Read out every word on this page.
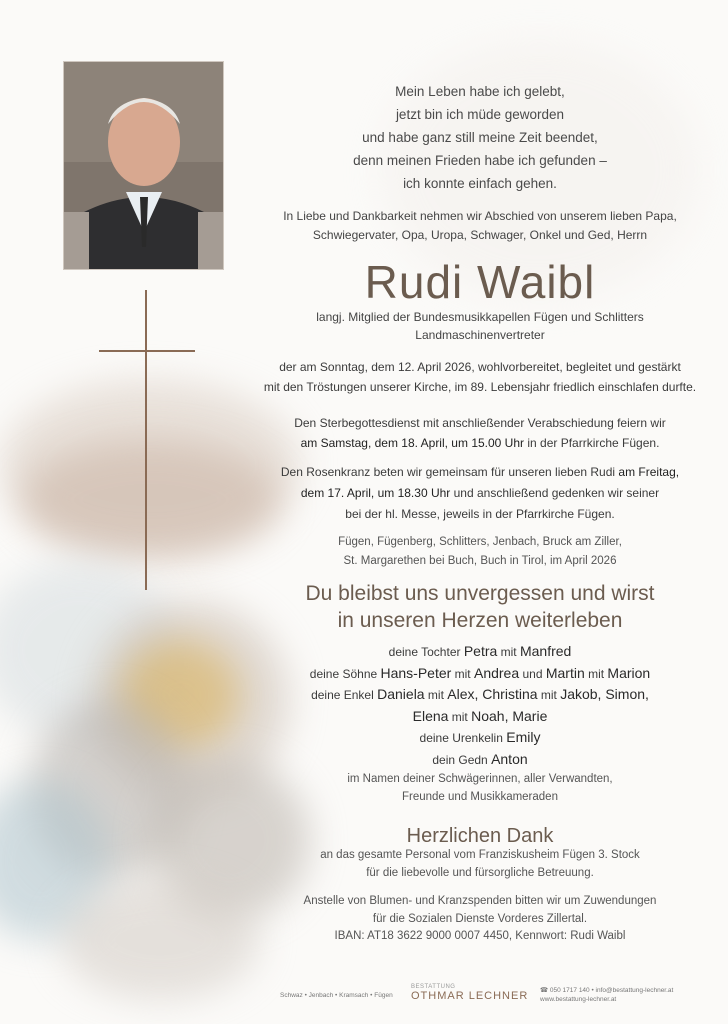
Mein Leben habe ich gelebt,
jetzt bin ich müde geworden
und habe ganz still meine Zeit beendet,
denn meinen Frieden habe ich gefunden –
ich konnte einfach gehen.
In Liebe und Dankbarkeit nehmen wir Abschied von unserem lieben Papa,
Schwiegervater, Opa, Uropa, Schwager, Onkel und Ged, Herrn
Rudi Waibl
langj. Mitglied der Bundesmusikkapellen Fügen und Schlitters
Landmaschinenvertreter
der am Sonntag, dem 12. April 2026, wohlvorbereitet, begleitet und gestärkt
mit den Tröstungen unserer Kirche, im 89. Lebensjahr friedlich einschlafen durfte.
Den Sterbegottesdienst mit anschließender Verabschiedung feiern wir
am Samstag, dem 18. April, um 15.00 Uhr in der Pfarrkirche Fügen.
Den Rosenkranz beten wir gemeinsam für unseren lieben Rudi am Freitag,
dem 17. April, um 18.30 Uhr und anschließend gedenken wir seiner
bei der hl. Messe, jeweils in der Pfarrkirche Fügen.
Fügen, Fügenberg, Schlitters, Jenbach, Bruck am Ziller,
St. Margarethen bei Buch, Buch in Tirol, im April 2026
Du bleibst uns unvergessen und wirst
in unseren Herzen weiterleben
deine Tochter Petra mit Manfred
deine Söhne Hans-Peter mit Andrea und Martin mit Marion
deine Enkel Daniela mit Alex, Christina mit Jakob, Simon,
Elena mit Noah, Marie
deine Urenkelin Emily
dein Gedn Anton
im Namen deiner Schwägerinnen, aller Verwandten,
Freunde und Musikkameraden
Herzlichen Dank
an das gesamte Personal vom Franziskusheim Fügen 3. Stock
für die liebevolle und fürsorgliche Betreuung.
Anstelle von Blumen- und Kranzspenden bitten wir um Zuwendungen
für die Sozialen Dienste Vorderes Zillertal.
IBAN: AT18 3622 9000 0007 4450, Kennwort: Rudi Waibl
Schwaz • Jenbach • Kramsach • Fügen
BESTATTUNG
OTHMAR LECHNER ☎ 050 1717 140 • info@bestattung-lechner.at
www.bestattung-lechner.at
